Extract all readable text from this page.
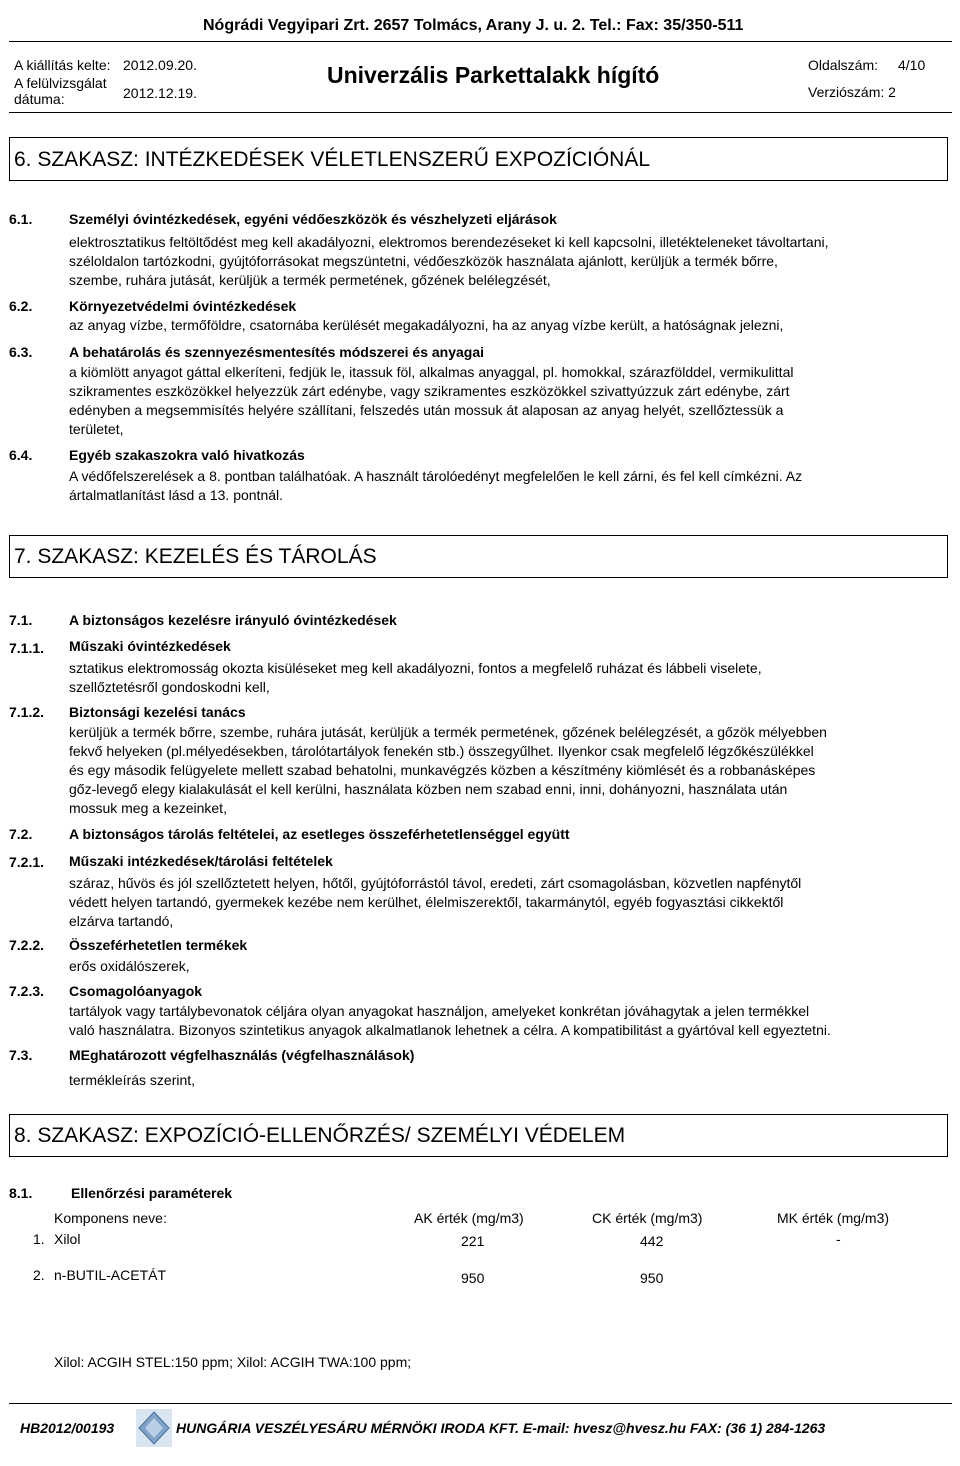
Nógrádi Vegyipari Zrt. 2657 Tolmács, Arany J. u. 2. Tel.: Fax: 35/350-511
A kiállítás kelte: 2012.09.20.
A felülvizsgálat
dátuma:	2012.12.19.
Univerzális Parkettalakk hígító	Oldalszám: 4/10
Verziószám: 2
6. SZAKASZ: INTÉZKEDÉSEK VÉLETLENSZERŰ EXPOZÍCIÓNÁL
6.1.	Személyi óvintézkedések, egyéni védőeszközök és vészhelyzeti eljárások
elektrosztatikus feltöltődést meg kell akadályozni, elektromos berendezéseket ki kell kapcsolni, illetékteleneket távoltartani,
széloldalon tartózkodni, gyújtóforrásokat megszüntetni, védőeszközök használata ajánlott, kerüljük a termék bőrre,
szembe, ruhára jutását, kerüljük a termék permetének, gőzének belélegzését,
6.2.	Környezetvédelmi óvintézkedések
az anyag vízbe, termőföldre, csatornába kerülését megakadályozni, ha az anyag vízbe került, a hatóságnak jelezni,
6.3.	A behatárolás és szennyezésmentesítés módszerei és anyagai
a kiömlött anyagot gáttal elkeríteni, fedjük le, itassuk föl, alkalmas anyaggal, pl. homokkal, szárazfölddel, vermikulittal
szikramentes eszközökkel helyezzük zárt edénybe, vagy szikramentes eszközökkel szivattyúzzuk zárt edénybe, zárt
edényben a megsemmisítés helyére szállítani, felszedés után mossuk át alaposan az anyag helyét, szellőztessük a
területet,
6.4.	Egyéb szakaszokra való hivatkozás
A védőfelszerelések a 8. pontban találhatóak. A használt tárolóedényt megfelelően le kell zárni, és fel kell címkézni. Az
ártalmatlanítást lásd a 13. pontnál.
7. SZAKASZ: KEZELÉS ÉS TÁROLÁS
7.1.	A biztonságos kezelésre irányuló óvintézkedések
7.1.1. Műszaki óvintézkedések
sztatikus elektromosság okozta kisüléseket meg kell akadályozni, fontos a megfelelő ruházat és lábbeli viselete,
szellőztetésről gondoskodni kell,
7.1.2. Biztonsági kezelési tanács
kerüljük a termék bőrre, szembe, ruhára jutását, kerüljük a termék permetének, gőzének belélegzését, a gőzök mélyebben
fekvő helyeken (pl.mélyedésekben, tárolótartályok fenekén stb.) összegyűlhet. Ilyenkor csak megfelelő légzőkészülékkel
és egy második felügyelete mellett szabad behatolni, munkavégzés közben a készítmény kiömlését és a robbanásképes
gőz-levegő elegy kialakulását el kell kerülni, használata közben nem szabad enni, inni, dohányozni, használata után
mossuk meg a kezeinket,
7.2.	A biztonságos tárolás feltételei, az esetleges összeférhetetlenséggel együtt
7.2.1. Műszaki intézkedések/tárolási feltételek
száraz, hűvös és jól szellőztetett helyen, hőtől, gyújtóforrástól távol, eredeti, zárt csomagolásban, közvetlen napfénytől
védett helyen tartandó, gyermekek kezébe nem kerülhet, élelmiszerektől, takarmánytól, egyéb fogyasztási cikkektől
elzárva tartandó,
7.2.2. Összeférhetetlen termékek
erős oxidálószerek,
7.2.3. Csomagolóanyagok
tartályok vagy tartálybevonatok céljára olyan anyagokat használjon, amelyeket konkrétan jóváhagytak a jelen termékkel
való használatra. Bizonyos szintetikus anyagok alkalmatlanok lehetnek a célra. A kompatibilitást a gyártóval kell egyeztetni.
7.3.	MEghatározott végfelhasználás (végfelhasználások)
termékleírás szerint,
8. SZAKASZ: EXPOZÍCIÓ-ELLENŐRZÉS/ SZEMÉLYI VÉDELEM
8.1.	Ellenőrzési paraméterek
Komponens neve:	AK érték (mg/m3)	CK érték (mg/m3)	MK érték (mg/m3)
1. Xilol	221	442	-
2. n-BUTIL-ACETÁT	950	950
Xilol: ACGIH STEL:150 ppm; Xilol: ACGIH TWA:100 ppm;
HB2012/00193	HUNGÁRIA VESZÉLYESÁRU MÉRNÖKI IRODA KFT. E-mail: hvesz@hvesz.hu FAX: (36 1) 284-1263
